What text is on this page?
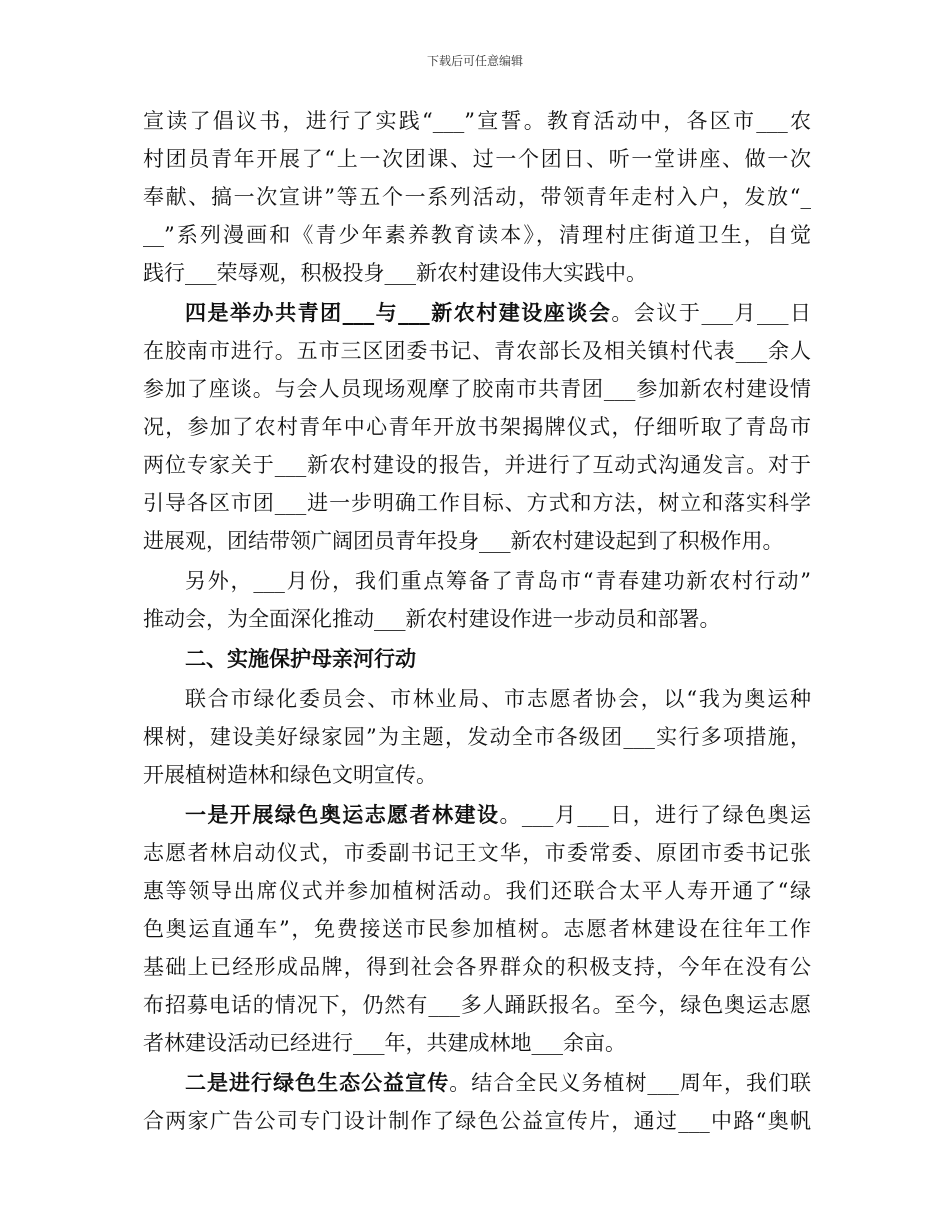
下载后可任意编辑
宣读了倡议书，进行了实践“___”宣誓。教育活动中，各区市___农
村团员青年开展了“上一次团课、过一个团日、听一堂讲座、做一次
奉献、搞一次宣讲”等五个一系列活动，带领青年走村入户，发放“_
__”系列漫画和《青少年素养教育读本》，清理村庄街道卫生，自觉
践行___荣辱观，积极投身___新农村建设伟大实践中。
四是举办共青团___与___新农村建设座谈会。会议于___月___日
在胶南市进行。五市三区团委书记、青农部长及相关镇村代表___余人
参加了座谈。与会人员现场观摩了胶南市共青团___参加新农村建设情
况，参加了农村青年中心青年开放书架揭牌仪式，仔细听取了青岛市
两位专家关于___新农村建设的报告，并进行了互动式沟通发言。对于
引导各区市团___进一步明确工作目标、方式和方法，树立和落实科学
进展观，团结带领广阔团员青年投身___新农村建设起到了积极作用。
另外，___月份，我们重点筹备了青岛市“青春建功新农村行动”
推动会，为全面深化推动___新农村建设作进一步动员和部署。
二、实施保护母亲河行动
联合市绿化委员会、市林业局、市志愿者协会，以“我为奥运种
棵树，建设美好绿家园”为主题，发动全市各级团___实行多项措施，
开展植树造林和绿色文明宣传。
一是开展绿色奥运志愿者林建设。___月___日，进行了绿色奥运
志愿者林启动仪式，市委副书记王文华，市委常委、原团市委书记张
惠等领导出席仪式并参加植树活动。我们还联合太平人寿开通了“绿
色奥运直通车”，免费接送市民参加植树。志愿者林建设在往年工作
基础上已经形成品牌，得到社会各界群众的积极支持，今年在没有公
布招募电话的情况下，仍然有___多人踊跃报名。至今，绿色奥运志愿
者林建设活动已经进行___年，共建成林地___余亩。
二是进行绿色生态公益宣传。结合全民义务植树___周年，我们联
合两家广告公司专门设计制作了绿色公益宣传片，通过___中路“奥帆
